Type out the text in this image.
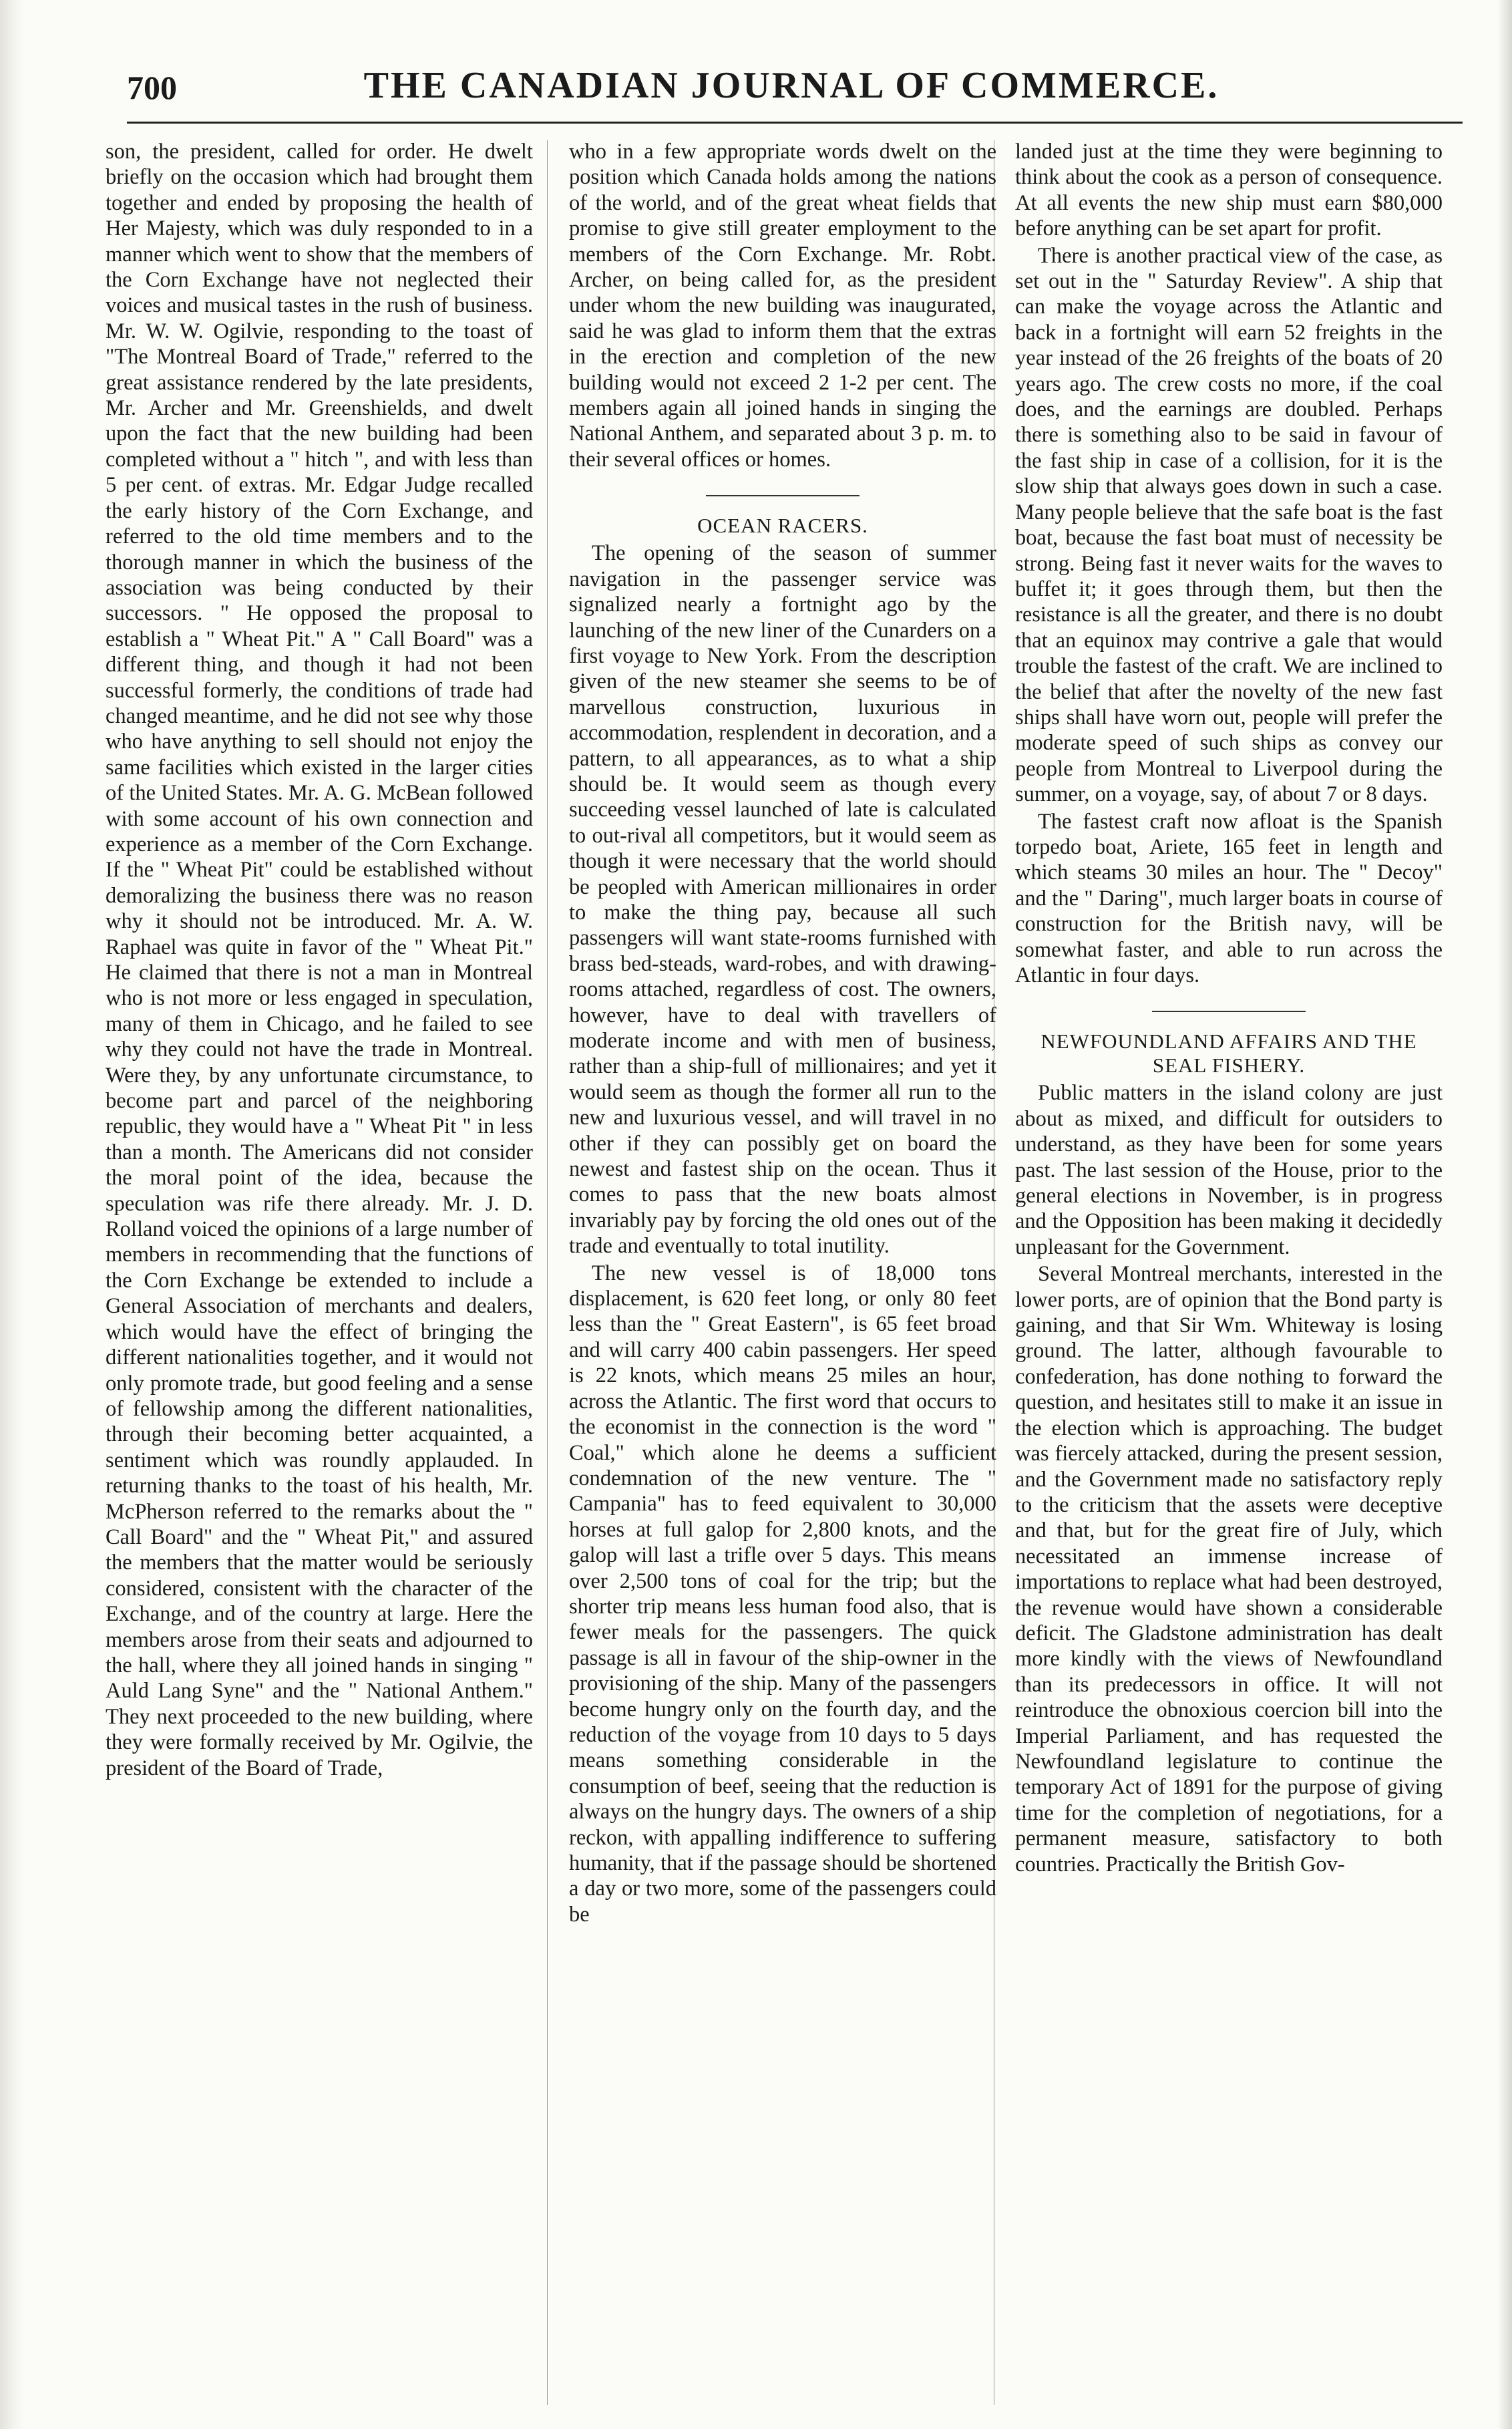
700	THE CANADIAN JOURNAL OF COMMERCE.

son, the president, called for order. He dwelt briefly on the occasion which had brought them together and ended by proposing the health of Her Majesty, which was duly responded to in a manner which went to show that the members of the Corn Exchange have not neglected their voices and musical tastes in the rush of business. Mr. W. W. Ogilvie, responding to the toast of "The Montreal Board of Trade," referred to the great assistance rendered by the late presidents, Mr. Archer and Mr. Greenshields, and dwelt upon the fact that the new building had been completed without a " hitch ", and with less than 5 per cent. of extras. Mr. Edgar Judge recalled the early history of the Corn Exchange, and referred to the old time members and to the thorough manner in which the business of the association was being conducted by their successors. " He opposed the proposal to establish a " Wheat Pit." A " Call Board" was a different thing, and though it had not been successful formerly, the conditions of trade had changed meantime, and he did not see why those who have anything to sell should not enjoy the same facilities which existed in the larger cities of the United States. Mr. A. G. McBean followed with some account of his own connection and experience as a member of the Corn Exchange. If the " Wheat Pit" could be established without demoralizing the business there was no reason why it should not be introduced. Mr. A. W. Raphael was quite in favor of the " Wheat Pit." He claimed that there is not a man in Montreal who is not more or less engaged in speculation, many of them in Chicago, and he failed to see why they could not have the trade in Montreal. Were they, by any unfortunate circumstance, to become part and parcel of the neighboring republic, they would have a " Wheat Pit " in less than a month. The Americans did not consider the moral point of the idea, because the speculation was rife there already. Mr. J. D. Rolland voiced the opinions of a large number of members in recommending that the functions of the Corn Exchange be extended to include a General Association of merchants and dealers, which would have the effect of bringing the different nationalities together, and it would not only promote trade, but good feeling and a sense of fellowship among the different nationalities, through their becoming better acquainted, a sentiment which was roundly applauded. In returning thanks to the toast of his health, Mr. McPherson referred to the remarks about the " Call Board" and the " Wheat Pit," and assured the members that the matter would be seriously considered, consistent with the character of the Exchange, and of the country at large. Here the members arose from their seats and adjourned to the hall, where they all joined hands in singing " Auld Lang Syne" and the " National Anthem." They next proceeded to the new building, where they were formally received by Mr. Ogilvie, the president of the Board of Trade,

who in a few appropriate words dwelt on the position which Canada holds among the nations of the world, and of the great wheat fields that promise to give still greater employment to the members of the Corn Exchange. Mr. Robt. Archer, on being called for, as the president under whom the new building was inaugurated, said he was glad to inform them that the extras in the erection and completion of the new building would not exceed 2 1-2 per cent. The members again all joined hands in singing the National Anthem, and separated about 3 p. m. to their several offices or homes.

OCEAN RACERS.

The opening of the season of summer navigation in the passenger service was signalized nearly a fortnight ago by the launching of the new liner of the Cunarders on a first voyage to New York. From the description given of the new steamer she seems to be of marvellous construction, luxurious in accommodation, resplendent in decoration, and a pattern, to all appearances, as to what a ship should be. It would seem as though every succeeding vessel launched of late is calculated to out-rival all competitors, but it would seem as though it were necessary that the world should be peopled with American millionaires in order to make the thing pay, because all such passengers will want state-rooms furnished with brass bed-steads, ward-robes, and with drawing-rooms attached, regardless of cost. The owners, however, have to deal with travellers of moderate income and with men of business, rather than a ship-full of millionaires; and yet it would seem as though the former all run to the new and luxurious vessel, and will travel in no other if they can possibly get on board the newest and fastest ship on the ocean. Thus it comes to pass that the new boats almost invariably pay by forcing the old ones out of the trade and eventually to total inutility.

The new vessel is of 18,000 tons displacement, is 620 feet long, or only 80 feet less than the " Great Eastern", is 65 feet broad and will carry 400 cabin passengers. Her speed is 22 knots, which means 25 miles an hour, across the Atlantic. The first word that occurs to the economist in the connection is the word " Coal," which alone he deems a sufficient condemnation of the new venture. The " Campania" has to feed equivalent to 30,000 horses at full galop for 2,800 knots, and the galop will last a trifle over 5 days. This means over 2,500 tons of coal for the trip; but the shorter trip means less human food also, that is fewer meals for the passengers. The quick passage is all in favour of the ship-owner in the provisioning of the ship. Many of the passengers become hungry only on the fourth day, and the reduction of the voyage from 10 days to 5 days means something considerable in the consumption of beef, seeing that the reduction is always on the hungry days. The owners of a ship reckon, with appalling indifference to suffering humanity, that if the passage should be shortened a day or two more, some of the passengers could be

landed just at the time they were beginning to think about the cook as a person of consequence. At all events the new ship must earn $80,000 before anything can be set apart for profit.

There is another practical view of the case, as set out in the " Saturday Review". A ship that can make the voyage across the Atlantic and back in a fortnight will earn 52 freights in the year instead of the 26 freights of the boats of 20 years ago. The crew costs no more, if the coal does, and the earnings are doubled. Perhaps there is something also to be said in favour of the fast ship in case of a collision, for it is the slow ship that always goes down in such a case. Many people believe that the safe boat is the fast boat, because the fast boat must of necessity be strong. Being fast it never waits for the waves to buffet it; it goes through them, but then the resistance is all the greater, and there is no doubt that an equinox may contrive a gale that would trouble the fastest of the craft. We are inclined to the belief that after the novelty of the new fast ships shall have worn out, people will prefer the moderate speed of such ships as convey our people from Montreal to Liverpool during the summer, on a voyage, say, of about 7 or 8 days.

The fastest craft now afloat is the Spanish torpedo boat, Ariete, 165 feet in length and which steams 30 miles an hour. The " Decoy" and the " Daring", much larger boats in course of construction for the British navy, will be somewhat faster, and able to run across the Atlantic in four days.

NEWFOUNDLAND AFFAIRS AND THE SEAL FISHERY.

Public matters in the island colony are just about as mixed, and difficult for outsiders to understand, as they have been for some years past. The last session of the House, prior to the general elections in November, is in progress and the Opposition has been making it decidedly unpleasant for the Government.

Several Montreal merchants, interested in the lower ports, are of opinion that the Bond party is gaining, and that Sir Wm. Whiteway is losing ground. The latter, although favourable to confederation, has done nothing to forward the question, and hesitates still to make it an issue in the election which is approaching. The budget was fiercely attacked, during the present session, and the Government made no satisfactory reply to the criticism that the assets were deceptive and that, but for the great fire of July, which necessitated an immense increase of importations to replace what had been destroyed, the revenue would have shown a considerable deficit. The Gladstone administration has dealt more kindly with the views of Newfoundland than its predecessors in office. It will not reintroduce the obnoxious coercion bill into the Imperial Parliament, and has requested the Newfoundland legislature to continue the temporary Act of 1891 for the purpose of giving time for the completion of negotiations, for a permanent measure, satisfactory to both countries. Practically the British Gov-
